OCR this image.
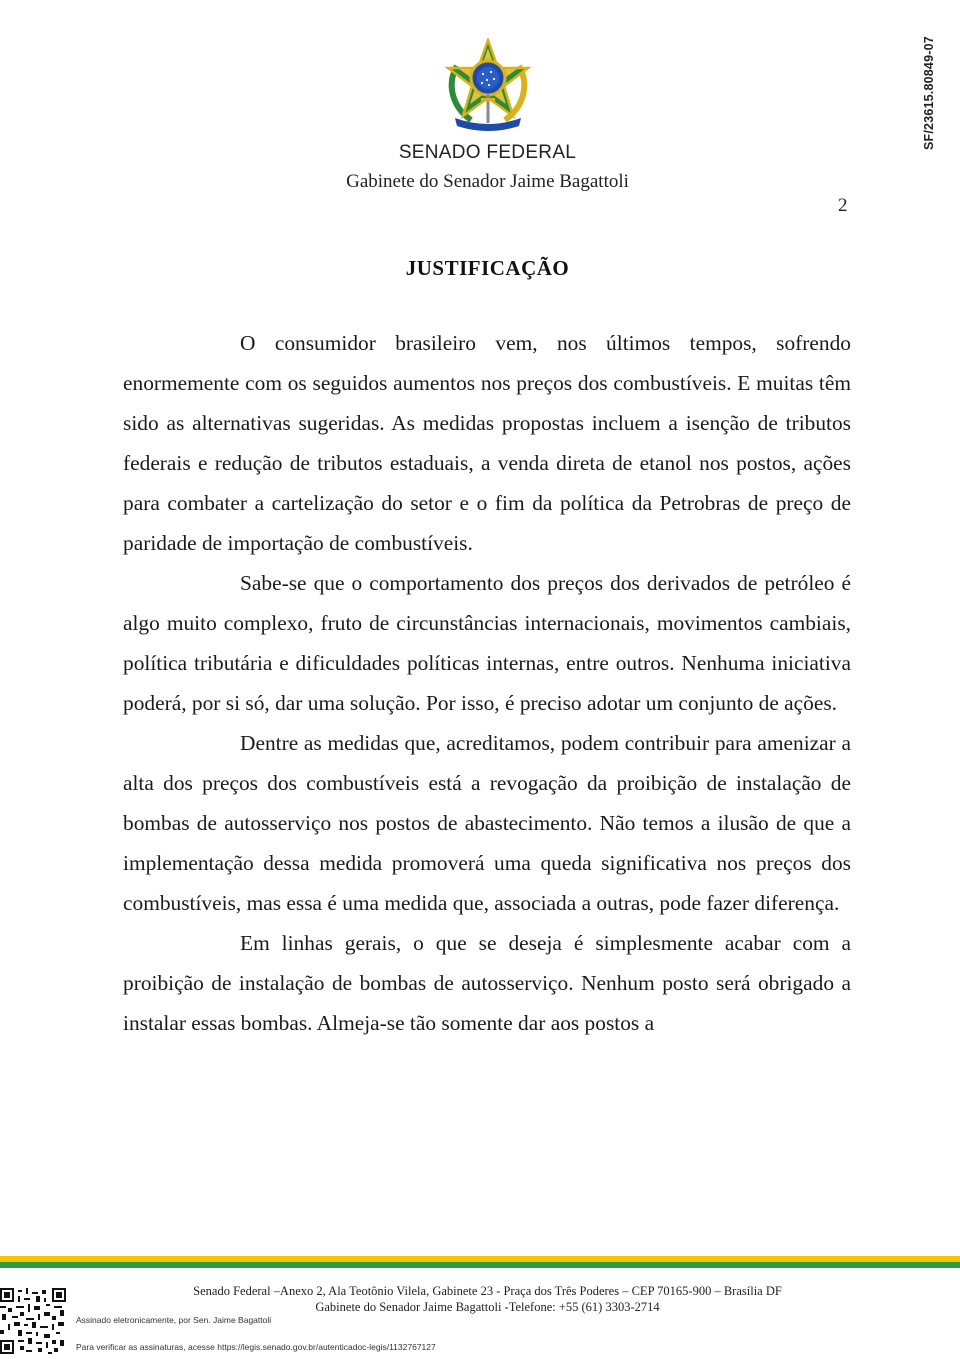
SF/23615.80849-07
SENADO FEDERAL
Gabinete do Senador Jaime Bagattoli
2
JUSTIFICAÇÃO

O consumidor brasileiro vem, nos últimos tempos, sofrendo enormemente com os seguidos aumentos nos preços dos combustíveis. E muitas têm sido as alternativas sugeridas. As medidas propostas incluem a isenção de tributos federais e redução de tributos estaduais, a venda direta de etanol nos postos, ações para combater a cartelização do setor e o fim da política da Petrobras de preço de paridade de importação de combustíveis.

Sabe-se que o comportamento dos preços dos derivados de petróleo é algo muito complexo, fruto de circunstâncias internacionais, movimentos cambiais, política tributária e dificuldades políticas internas, entre outros. Nenhuma iniciativa poderá, por si só, dar uma solução. Por isso, é preciso adotar um conjunto de ações.

Dentre as medidas que, acreditamos, podem contribuir para amenizar a alta dos preços dos combustíveis está a revogação da proibição de instalação de bombas de autosserviço nos postos de abastecimento. Não temos a ilusão de que a implementação dessa medida promoverá uma queda significativa nos preços dos combustíveis, mas essa é uma medida que, associada a outras, pode fazer diferença.

Em linhas gerais, o que se deseja é simplesmente acabar com a proibição de instalação de bombas de autosserviço. Nenhum posto será obrigado a instalar essas bombas. Almeja-se tão somente dar aos postos a

Senado Federal –Anexo 2, Ala Teotônio Vilela, Gabinete 23 - Praça dos Três Poderes – CEP 70165-900 – Brasília DF
Gabinete do Senador Jaime Bagattoli -Telefone: +55 (61) 3303-2714
Assinado eletronicamente, por Sen. Jaime Bagattoli
Para verificar as assinaturas, acesse https://legis.senado.gov.br/autenticadoc-legis/1132767127
